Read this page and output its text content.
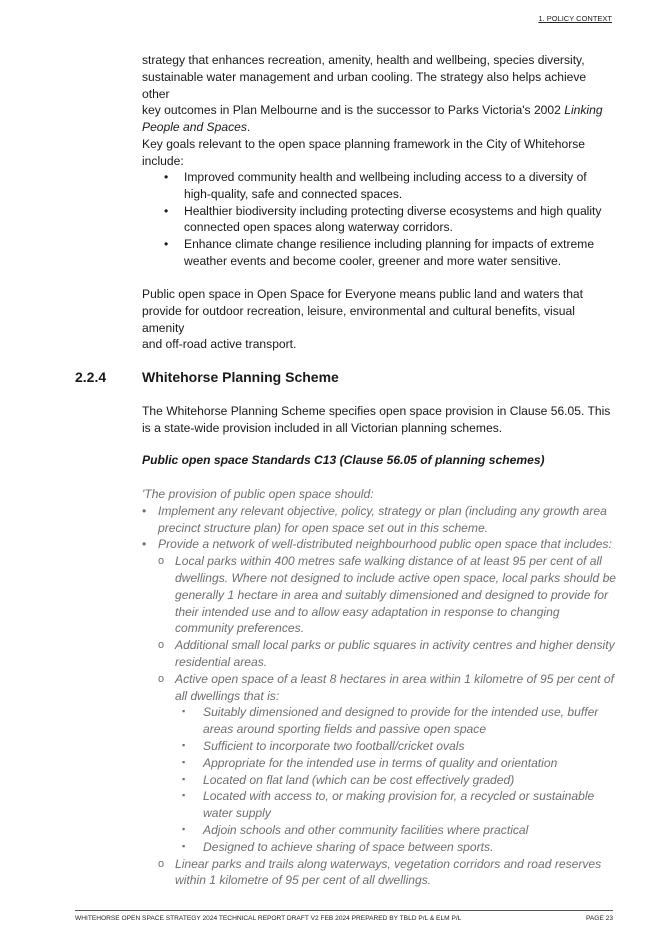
1. POLICY CONTEXT

strategy that enhances recreation, amenity, health and wellbeing, species diversity,

sustainable water management and urban cooling. The strategy also helps achieve other

key outcomes in Plan Melbourne and is the successor to Parks Victoria's 2002 Linking

People and Spaces.

Key goals relevant to the open space planning framework in the City of Whitehorse

include:

• Improved community health and wellbeing including access to a diversity of

high-quality, safe and connected spaces.

• Healthier biodiversity including protecting diverse ecosystems and high quality

connected open spaces along waterway corridors.

• Enhance climate change resilience including planning for impacts of extreme

weather events and become cooler, greener and more water sensitive.

Public open space in Open Space for Everyone means public land and waters that

provide for outdoor recreation, leisure, environmental and cultural benefits, visual amenity

and off-road active transport.

2.2.4	Whitehorse Planning Scheme

The Whitehorse Planning Scheme specifies open space provision in Clause 56.05. This

is a state-wide provision included in all Victorian planning schemes.

Public open space Standards C13 (Clause 56.05 of planning schemes)

'The provision of public open space should:

• Implement any relevant objective, policy, strategy or plan (including any growth area

precinct structure plan) for open space set out in this scheme.

• Provide a network of well-distributed neighbourhood public open space that includes:

o Local parks within 400 metres safe walking distance of at least 95 per cent of all

dwellings. Where not designed to include active open space, local parks should be

generally 1 hectare in area and suitably dimensioned and designed to provide for

their intended use and to allow easy adaptation in response to changing

community preferences.

o Additional small local parks or public squares in activity centres and higher density

residential areas.

o Active open space of a least 8 hectares in area within 1 kilometre of 95 per cent of

all dwellings that is:

▪ Suitably dimensioned and designed to provide for the intended use, buffer

areas around sporting fields and passive open space

▪ Sufficient to incorporate two football/cricket ovals

▪ Appropriate for the intended use in terms of quality and orientation

▪ Located on flat land (which can be cost effectively graded)

▪ Located with access to, or making provision for, a recycled or sustainable

water supply

▪ Adjoin schools and other community facilities where practical

▪ Designed to achieve sharing of space between sports.

o Linear parks and trails along waterways, vegetation corridors and road reserves

within 1 kilometre of 95 per cent of all dwellings.

WHITEHORSE OPEN SPACE STRATEGY 2024 TECHNICAL REPORT DRAFT V2 FEB 2024 PREPARED BY TBLD P/L & ELM P/L	PAGE 23
